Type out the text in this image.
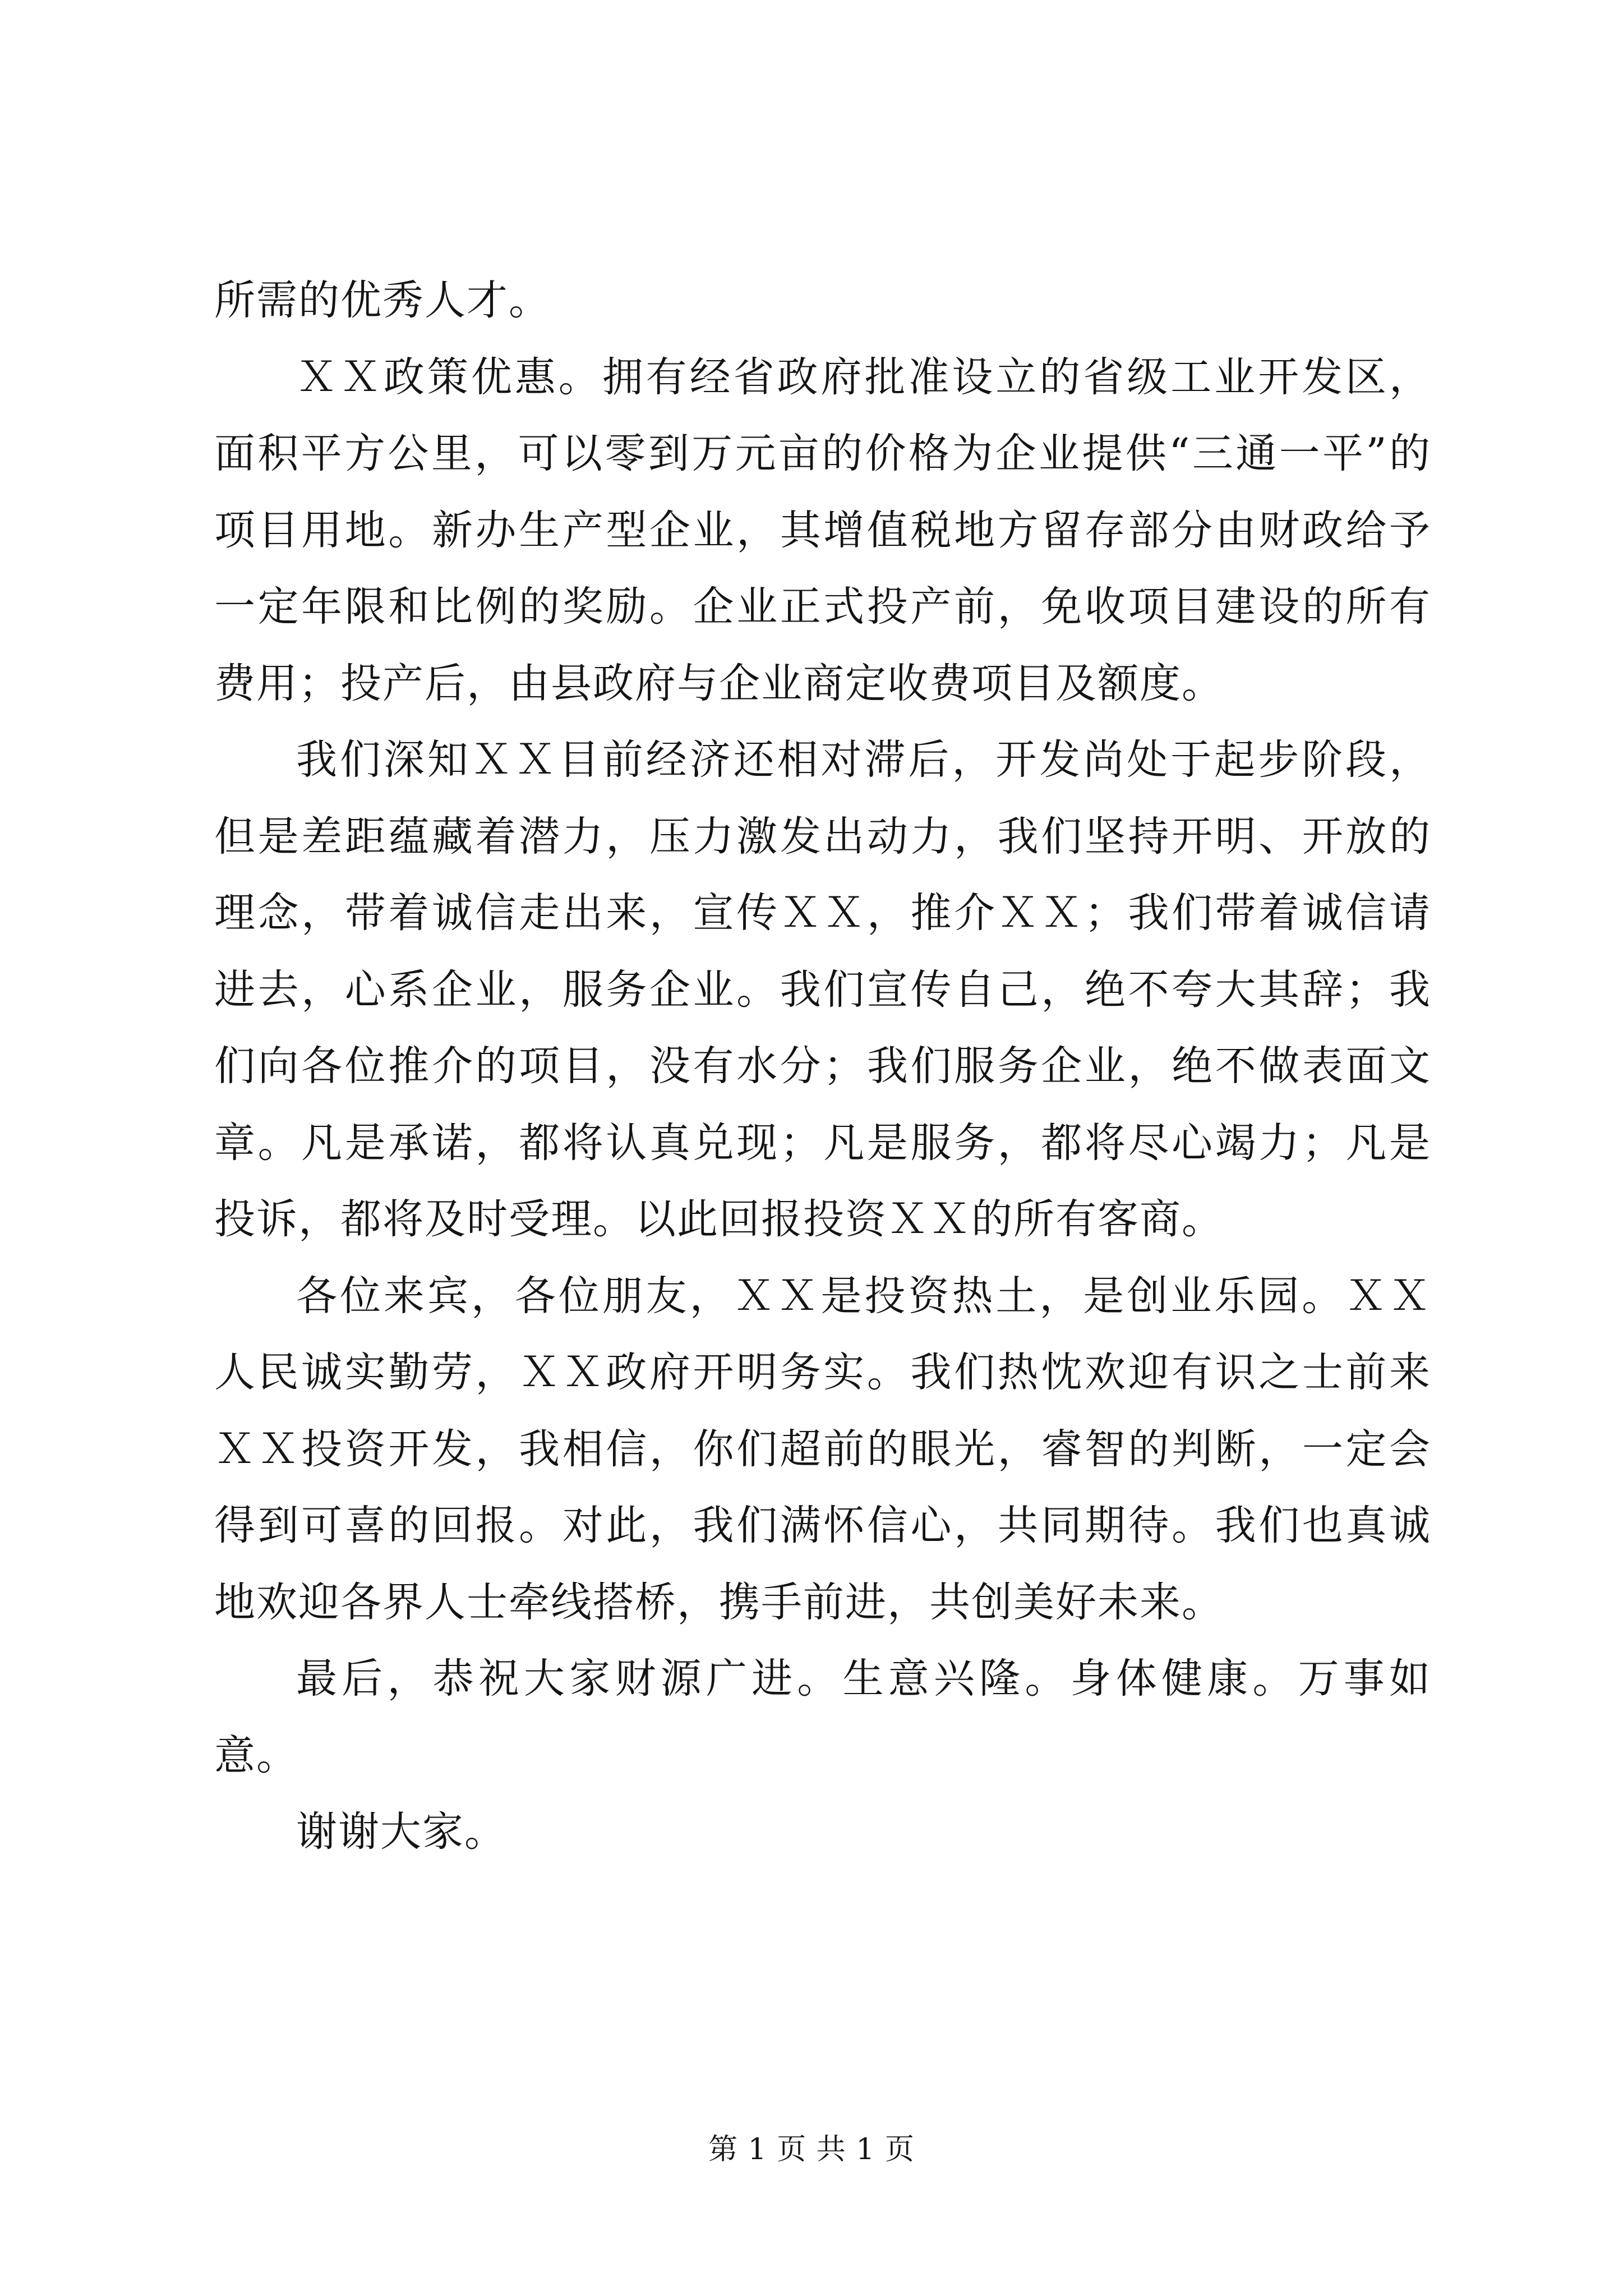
所需的优秀人才。

ＸＸ政策优惠。拥有经省政府批准设立的省级工业开发区，面积平方公里，可以零到万元亩的价格为企业提供“三通一平”的项目用地。新办生产型企业，其增值税地方留存部分由财政给予一定年限和比例的奖励。企业正式投产前，免收项目建设的所有费用；投产后，由县政府与企业商定收费项目及额度。

我们深知ＸＸ目前经济还相对滞后，开发尚处于起步阶段，但是差距蕴藏着潜力，压力激发出动力，我们坚持开明、开放的理念，带着诚信走出来，宣传ＸＸ，推介ＸＸ；我们带着诚信请进去，心系企业，服务企业。我们宣传自己，绝不夸大其辞；我们向各位推介的项目，没有水分；我们服务企业，绝不做表面文章。凡是承诺，都将认真兑现；凡是服务，都将尽心竭力；凡是投诉，都将及时受理。以此回报投资ＸＸ的所有客商。

各位来宾，各位朋友，ＸＸ是投资热土，是创业乐园。ＸＸ人民诚实勤劳，ＸＸ政府开明务实。我们热忱欢迎有识之士前来ＸＸ投资开发，我相信，你们超前的眼光，睿智的判断，一定会得到可喜的回报。对此，我们满怀信心，共同期待。我们也真诚地欢迎各界人士牵线搭桥，携手前进，共创美好未来。

最后，恭祝大家财源广进。生意兴隆。身体健康。万事如意。

谢谢大家。

第 1 页 共 1 页
